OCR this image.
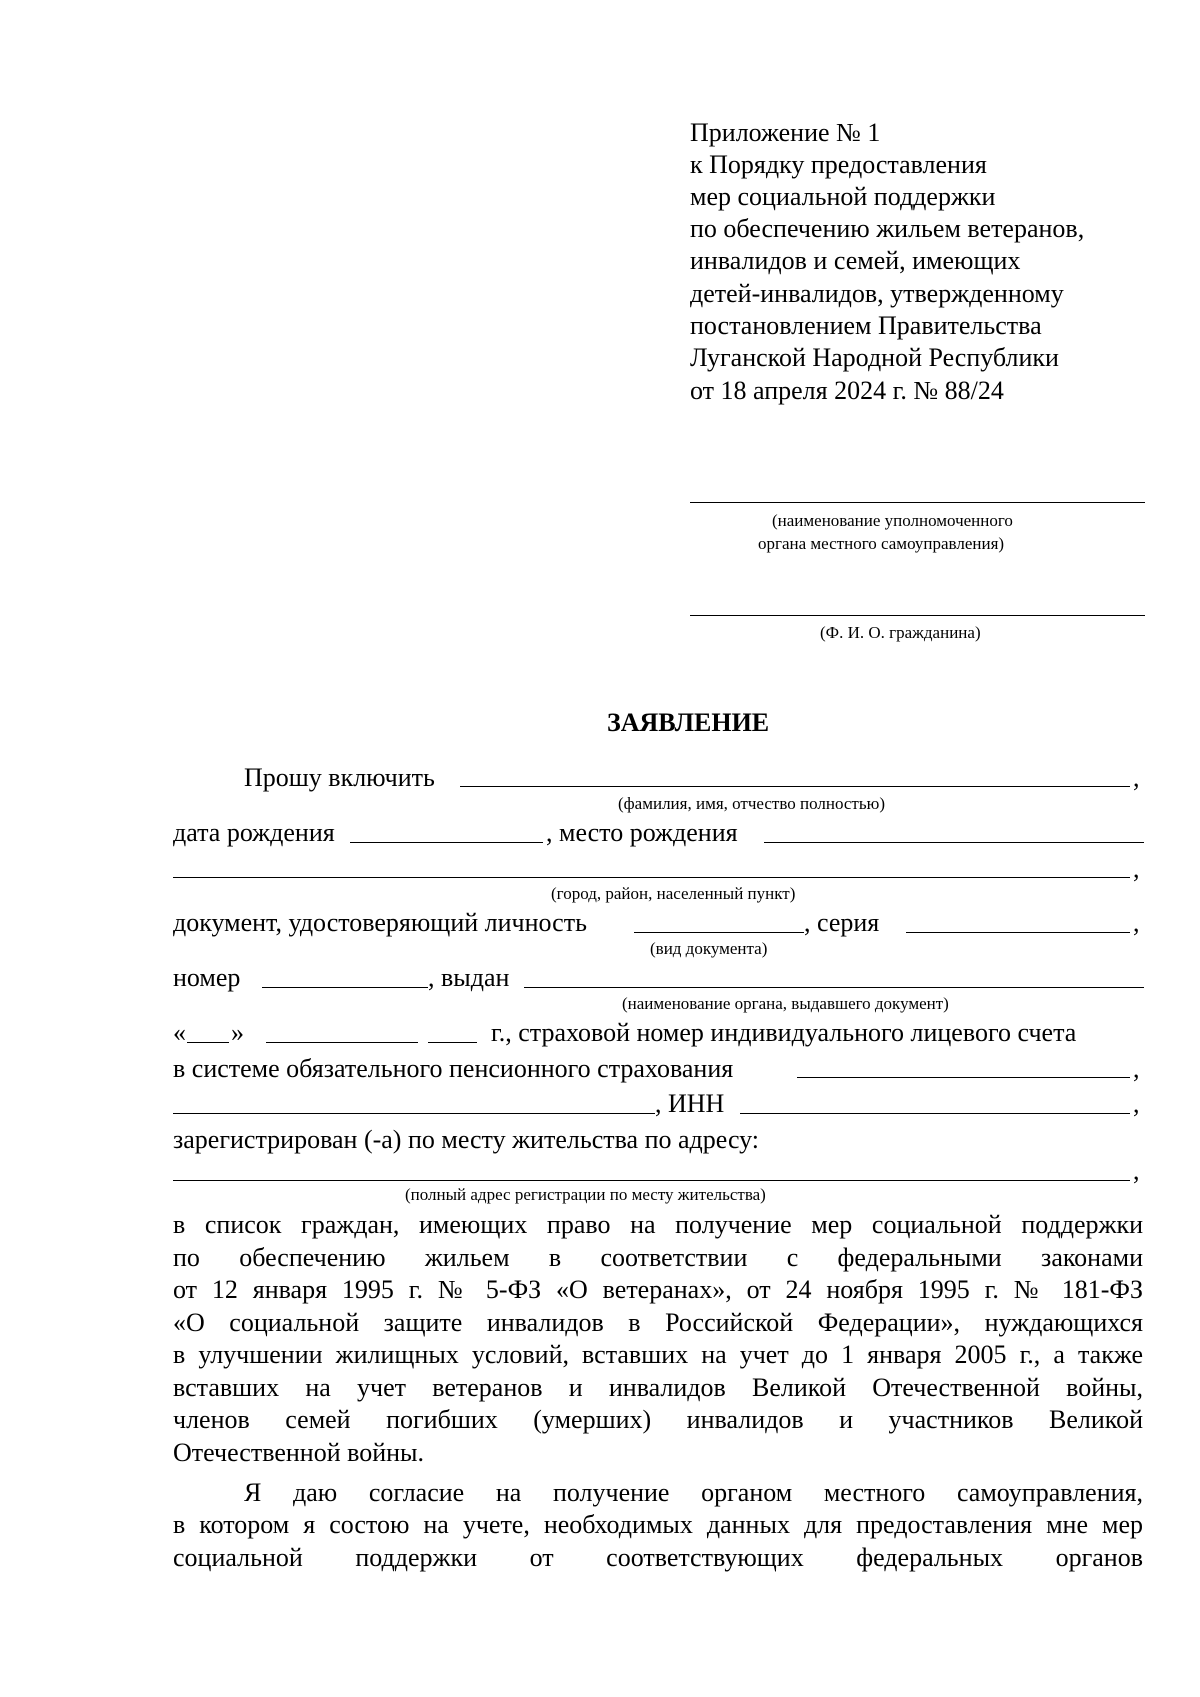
Приложение № 1
к Порядку предоставления
мер социальной поддержки
по обеспечению жильем ветеранов,
инвалидов и семей, имеющих
детей-инвалидов, утвержденному
постановлением Правительства
Луганской Народной Республики
от 18 апреля 2024 г. № 88/24
(наименование уполномоченного
органа местного самоуправления)
(Ф. И. О. гражданина)
ЗАЯВЛЕНИЕ
Прошу включить	,
(фамилия, имя, отчество полностью)
дата рождения	, место рождения
,
(город, район, населенный пункт)
документ, удостоверяющий личность	, серия	,
(вид документа)
номер	, выдан
(наименование органа, выдавшего документ)
« »	г., страховой номер индивидуального лицевого счета
в системе обязательного пенсионного страхования	,
, ИНН	,
зарегистрирован (-а) по месту жительства по адресу:
,
(полный адрес регистрации по месту жительства)
в список граждан, имеющих право на получение мер социальной поддержки
по обеспечению жильем в соответствии с федеральными законами
от 12 января 1995 г. № 5-ФЗ «О ветеранах», от 24 ноября 1995 г. № 181-ФЗ
«О социальной защите инвалидов в Российской Федерации», нуждающихся
в улучшении жилищных условий, вставших на учет до 1 января 2005 г., а также
вставших на учет ветеранов и инвалидов Великой Отечественной войны,
членов семей погибших (умерших) инвалидов и участников Великой
Отечественной войны.
Я даю согласие на получение органом местного самоуправления,
в котором я состою на учете, необходимых данных для предоставления мне мер
социальной поддержки от соответствующих федеральных органов
